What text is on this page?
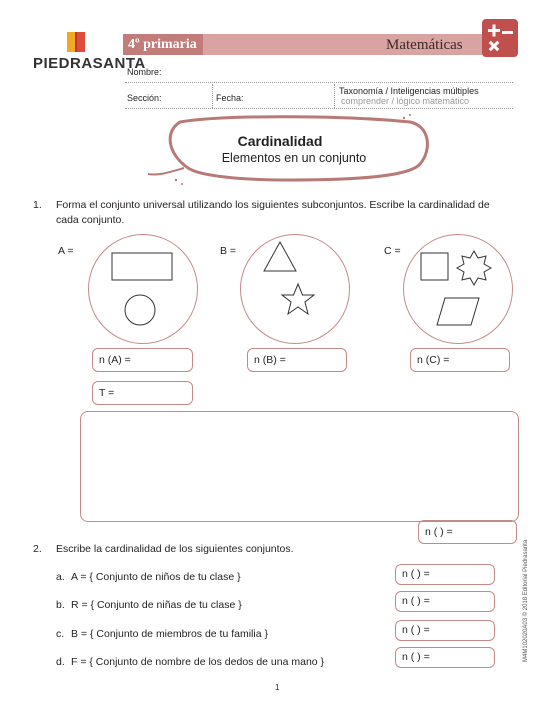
PIEDRASANTA
4º primaria	Matemáticas
Nombre:
Sección:	Fecha:
Taxonomía / Inteligencias múltiples
comprender / lógico matemático
Cardinalidad
Elementos en un conjunto
1. Forma el conjunto universal utilizando los siguientes subconjuntos. Escribe la cardinalidad de
cada conjunto.
A =	B =	C =
n (A) =	n (B) =	n (C) =
T =
n ( ) =
2. Escribe la cardinalidad de los siguientes conjuntos.
a. A = { Conjunto de niños de tu clase }	n ( ) =
b. R = { Conjunto de niñas de tu clase }	n ( ) =
c. B = { Conjunto de miembros de tu familia }	n ( ) =
d. F = { Conjunto de nombre de los dedos de una mano }	n ( ) =
1
M4M102020A03 © 2018 Editorial Piedrasanta
